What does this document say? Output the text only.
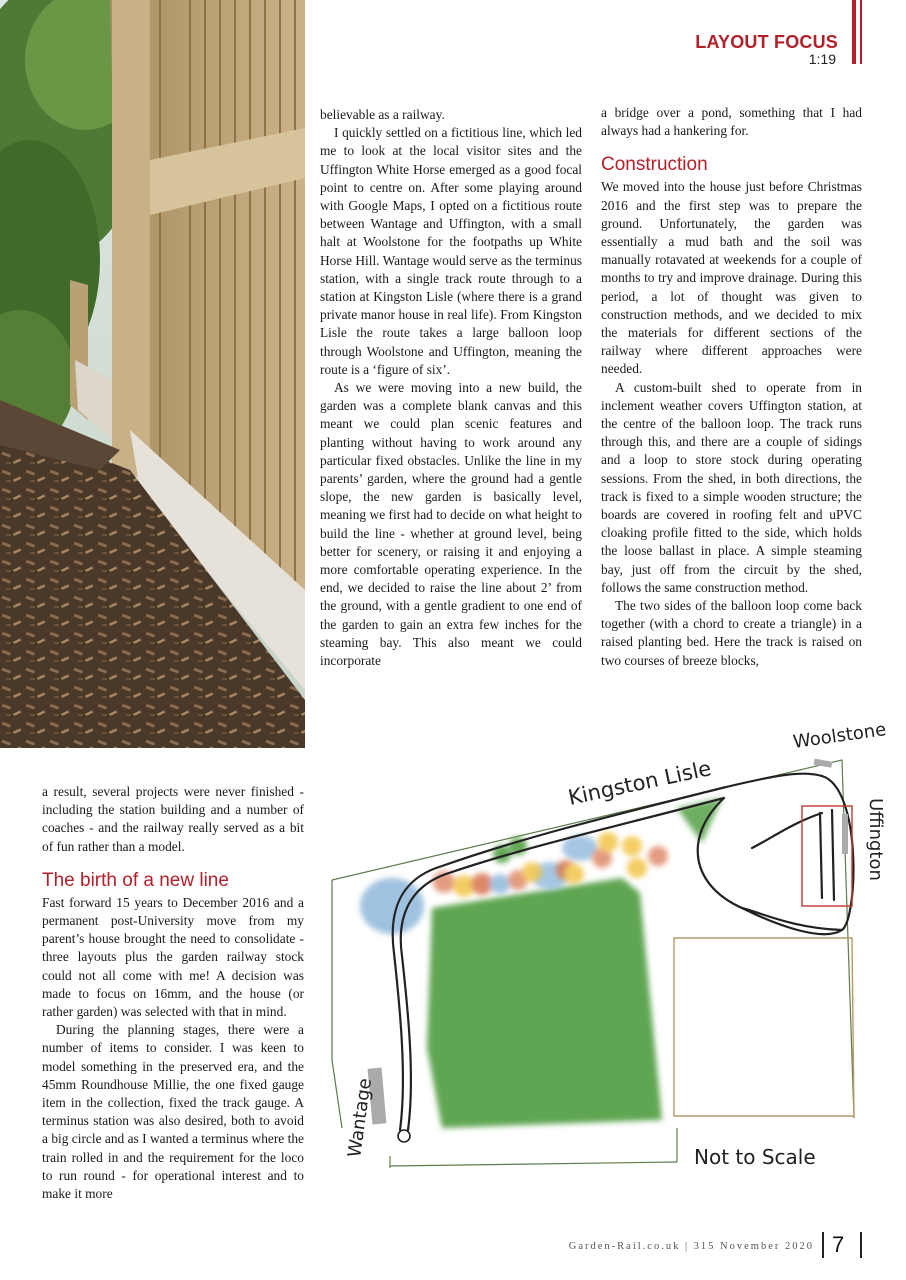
LAYOUT FOCUS
1:19

believable as a railway.

I quickly settled on a fictitious line, which led me to look at the local visitor sites and the Uffington White Horse emerged as a good focal point to centre on. After some playing around with Google Maps, I opted on a fictitious route between Wantage and Uffington, with a small halt at Woolstone for the footpaths up White Horse Hill. Wantage would serve as the terminus station, with a single track route through to a station at Kingston Lisle (where there is a grand private manor house in real life). From Kingston Lisle the route takes a large balloon loop through Woolstone and Uffington, meaning the route is a ‘figure of six’.

As we were moving into a new build, the garden was a complete blank canvas and this meant we could plan scenic features and planting without having to work around any particular fixed obstacles. Unlike the line in my parents’ garden, where the ground had a gentle slope, the new garden is basically level, meaning we first had to decide on what height to build the line - whether at ground level, being better for scenery, or raising it and enjoying a more comfortable operating experience. In the end, we decided to raise the line about 2’ from the ground, with a gentle gradient to one end of the garden to gain an extra few inches for the steaming bay. This also meant we could incorporate

a bridge over a pond, something that I had always had a hankering for.

Construction

We moved into the house just before Christmas 2016 and the first step was to prepare the ground. Unfortunately, the garden was essentially a mud bath and the soil was manually rotavated at weekends for a couple of months to try and improve drainage. During this period, a lot of thought was given to construction methods, and we decided to mix the materials for different sections of the railway where different approaches were needed.

A custom-built shed to operate from in inclement weather covers Uffington station, at the centre of the balloon loop. The track runs through this, and there are a couple of sidings and a loop to store stock during operating sessions. From the shed, in both directions, the track is fixed to a simple wooden structure; the boards are covered in roofing felt and uPVC cloaking profile fitted to the side, which holds the loose ballast in place. A simple steaming bay, just off from the circuit by the shed, follows the same construction method.

The two sides of the balloon loop come back together (with a chord to create a triangle) in a raised planting bed. Here the track is raised on two courses of breeze blocks,

a result, several projects were never finished - including the station building and a number of coaches - and the railway really served as a bit of fun rather than a model.

The birth of a new line

Fast forward 15 years to December 2016 and a permanent post-University move from my parent’s house brought the need to consolidate - three layouts plus the garden railway stock could not all come with me! A decision was made to focus on 16mm, and the house (or rather garden) was selected with that in mind.

During the planning stages, there were a number of items to consider. I was keen to model something in the preserved era, and the 45mm Roundhouse Millie, the one fixed gauge item in the collection, fixed the track gauge. A terminus station was also desired, both to avoid a big circle and as I wanted a terminus where the train rolled in and the requirement for the loco to run round - for operational interest and to make it more

Kingston Lisle
Woolstone
Uffington
Wantage	Not to Scale
Garden-Rail.co.uk | 315 November 2020 7
